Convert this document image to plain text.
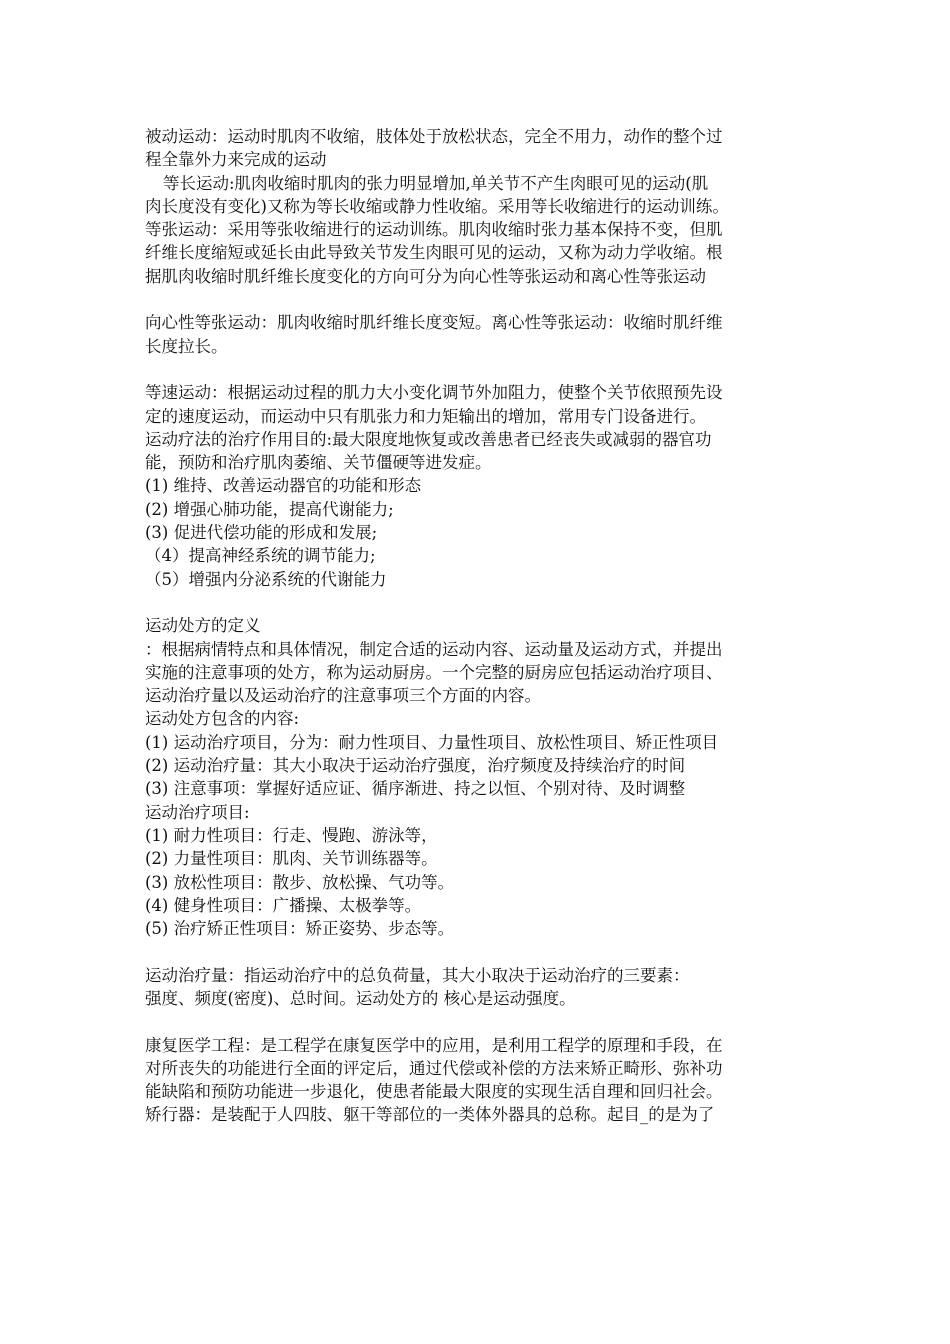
被动运动：运动时肌肉不收缩，肢体处于放松状态，完全不用力，动作的整个过
程全靠外力来完成的运动
等长运动:肌肉收缩时肌肉的张力明显增加,单关节不产生肉眼可见的运动(肌
肉长度没有变化)又称为等长收缩或静力性收缩。采用等长收缩进行的运动训练。
等张运动：采用等张收缩进行的运动训练。肌肉收缩时张力基本保持不变，但肌
纤维长度缩短或延长由此导致关节发生肉眼可见的运动，又称为动力学收缩。根
据肌肉收缩时肌纤维长度变化的方向可分为向心性等张运动和离心性等张运动
向心性等张运动：肌肉收缩时肌纤维长度变短。离心性等张运动：收缩时肌纤维
长度拉长。
等速运动：根据运动过程的肌力大小变化调节外加阻力，使整个关节依照预先设
定的速度运动，而运动中只有肌张力和力矩输出的增加，常用专门设备进行。
运动疗法的治疗作用目的:最大限度地恢复或改善患者已经丧失或减弱的器官功
能，预防和治疗肌肉萎缩、关节僵硬等进发症。
(1) 维持、改善运动器官的功能和形态
(2) 增强心肺功能，提高代谢能力;
(3) 促进代偿功能的形成和发展;
（4）提高神经系统的调节能力;
（5）增强内分泌系统的代谢能力
运动处方的定义
：根据病情特点和具体情况，制定合适的运动内容、运动量及运动方式，并提出
实施的注意事项的处方，称为运动厨房。一个完整的厨房应包括运动治疗项目、
运动治疗量以及运动治疗的注意事项三个方面的内容。
运动处方包含的内容:
(1) 运动治疗项目，分为：耐力性项目、力量性项目、放松性项目、矫正性项目
(2) 运动治疗量：其大小取决于运动治疗强度，治疗频度及持续治疗的时间
(3) 注意事项：掌握好适应证、循序渐进、持之以恒、个别对待、及时调整
运动治疗项目:
(1) 耐力性项目：行走、慢跑、游泳等，
(2) 力量性项目：肌肉、关节训练器等。
(3) 放松性项目：散步、放松操、气功等。
(4) 健身性项目：广播操、太极拳等。
(5) 治疗矫正性项目：矫正姿势、步态等。
运动治疗量：指运动治疗中的总负荷量，其大小取决于运动治疗的三要素：
强度、频度(密度)、总时间。运动处方的 核心是运动强度。
康复医学工程：是工程学在康复医学中的应用，是利用工程学的原理和手段，在
对所丧失的功能进行全面的评定后，通过代偿或补偿的方法来矫正畸形、弥补功
能缺陷和预防功能进一步退化，使患者能最大限度的实现生活自理和回归社会。
矫行器：是装配于人四肢、躯干等部位的一类体外器具的总称。起目_的是为了
